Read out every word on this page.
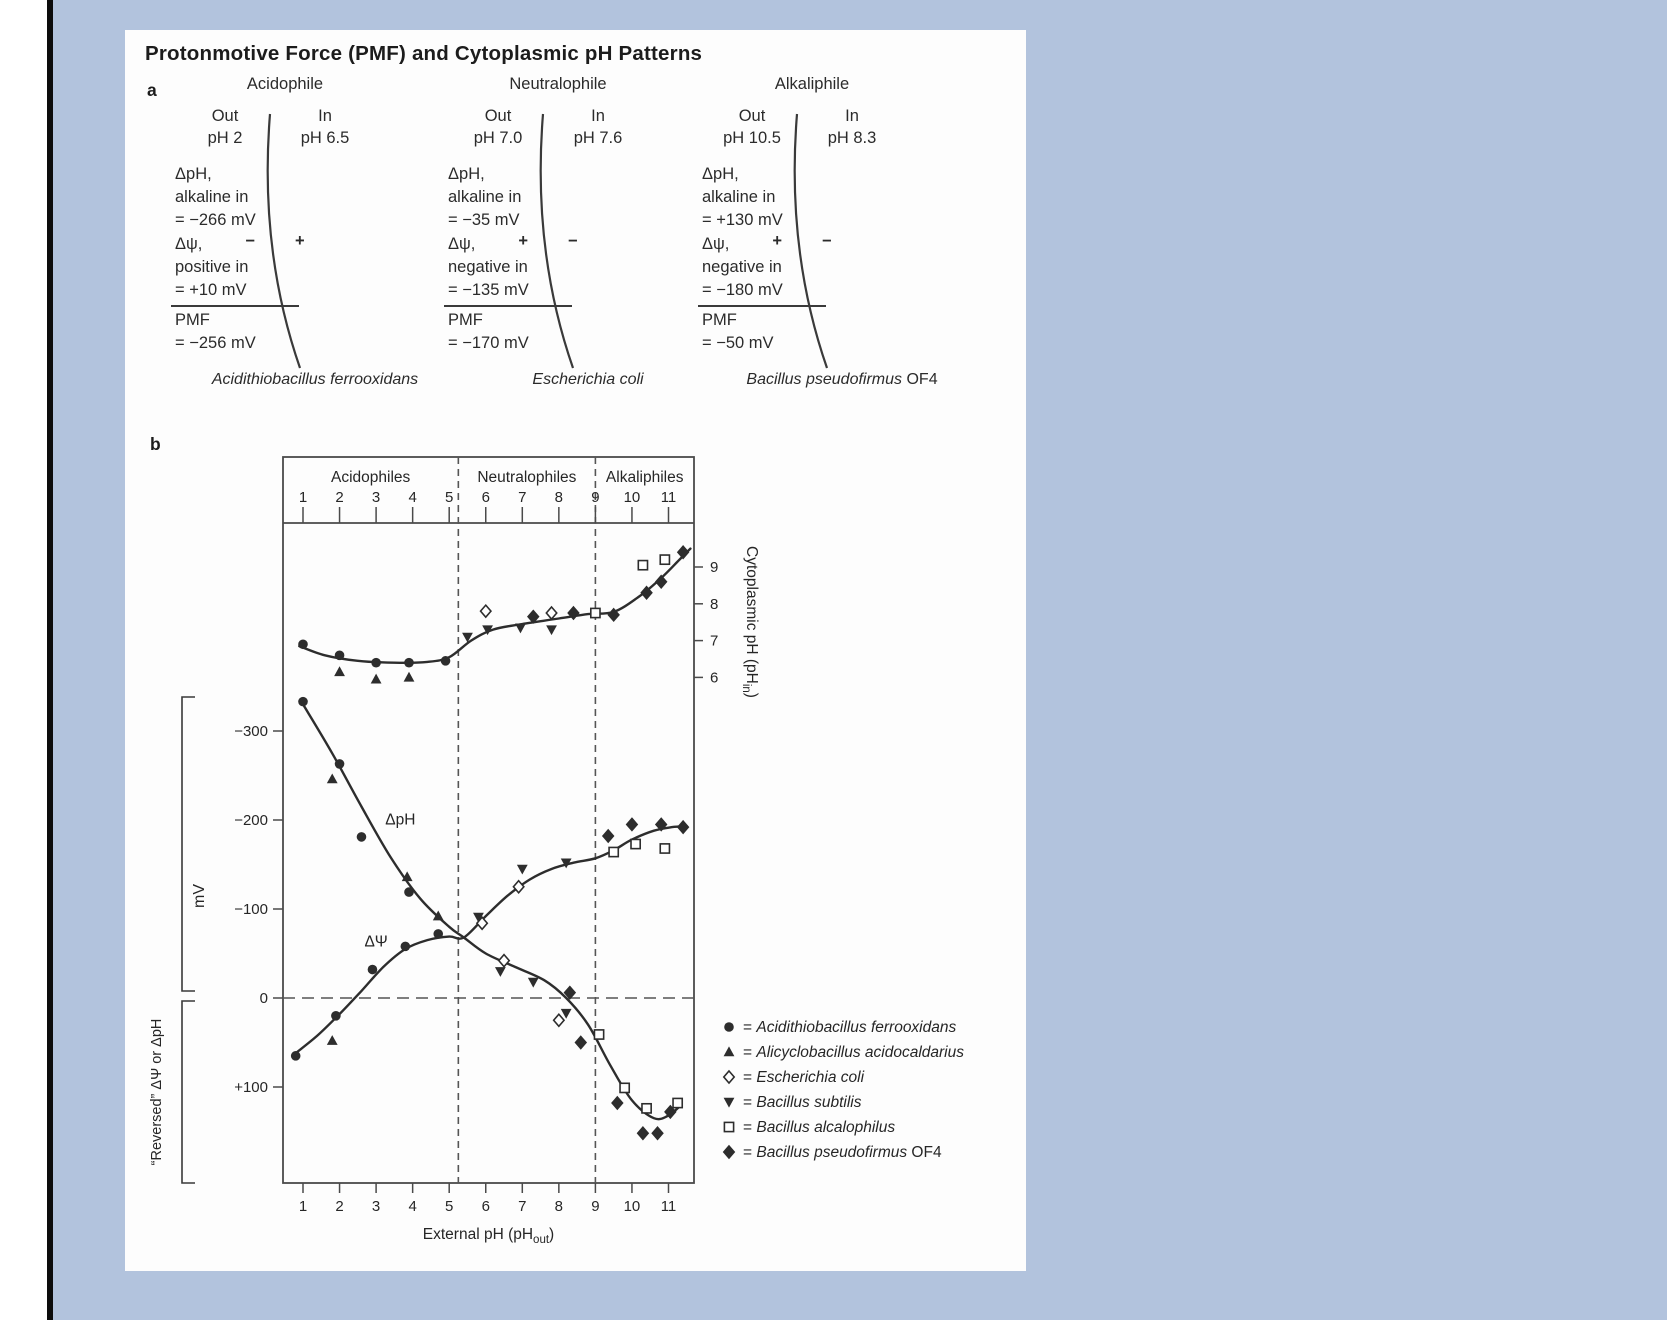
Protonmotive Force (PMF) and Cytoplasmic pH Patterns
a	Acidophile
Out
pH 2
In
pH 6.5
ΔpH,
alkaline in
= −266 mV
Δψ,
positive in
= +10 mV
− +
PMF
= −256 mV
Acidithiobacillus ferrooxidans
Neutralophile
Out
pH 7.0
In
pH 7.6
ΔpH,
alkaline in
= −35 mV
Δψ,
negative in
= −135 mV
+ −
PMF
= −170 mV
Escherichia coli
Alkaliphile
Out
pH 10.5
In
pH 8.3
ΔpH,
alkaline in
= +130 mV
Δψ,
negative in
= −180 mV
+ −
PMF
= −50 mV
Bacillus pseudofirmus OF4
b
Acidophiles	Neutralophiles Alkaliphiles
1
1
2
2
3
3
4
4
5
5
6
6
7
7
8
8
9
9
10
10
11
11
−300
−200
−100
0
+100
9
8
7
6
ΔpH
ΔΨ
= Acidithiobacillus ferrooxidans
= Alicyclobacillus acidocaldarius
= Escherichia coli
= Bacillus subtilis
= Bacillus alcalophilus
= Bacillus pseudofirmus OF4
mV
“Reversed” ΔΨ or ΔpH
Cytoplasmic pH $(pH_{in})$
External pH $(pH_{out})$
